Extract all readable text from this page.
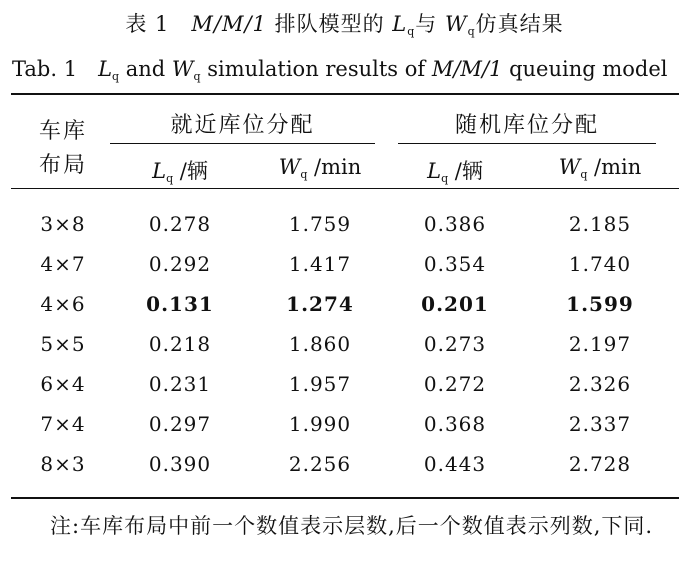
表 1　M/M/1 排队模型的 $L_q$与 $W_q$仿真结果
Tab. 1　$L_q$ and $W_q$ simulation results of M/M/1 queuing model
车库
布局
就近库位分配	随机库位分配
$L_q$ /辆	$W_q$ /min	$L_q$ /辆	$W_q$ /min
3×8	0.278	1.759	0.386	2.185
4×7	0.292	1.417	0.354	1.740
4×6	0.131	1.274	0.201	1.599
5×5	0.218	1.860	0.273	2.197
6×4	0.231	1.957	0.272	2.326
7×4	0.297	1.990	0.368	2.337
8×3	0.390	2.256	0.443	2.728
注:车库布局中前一个数值表示层数,后一个数值表示列数,下同.
